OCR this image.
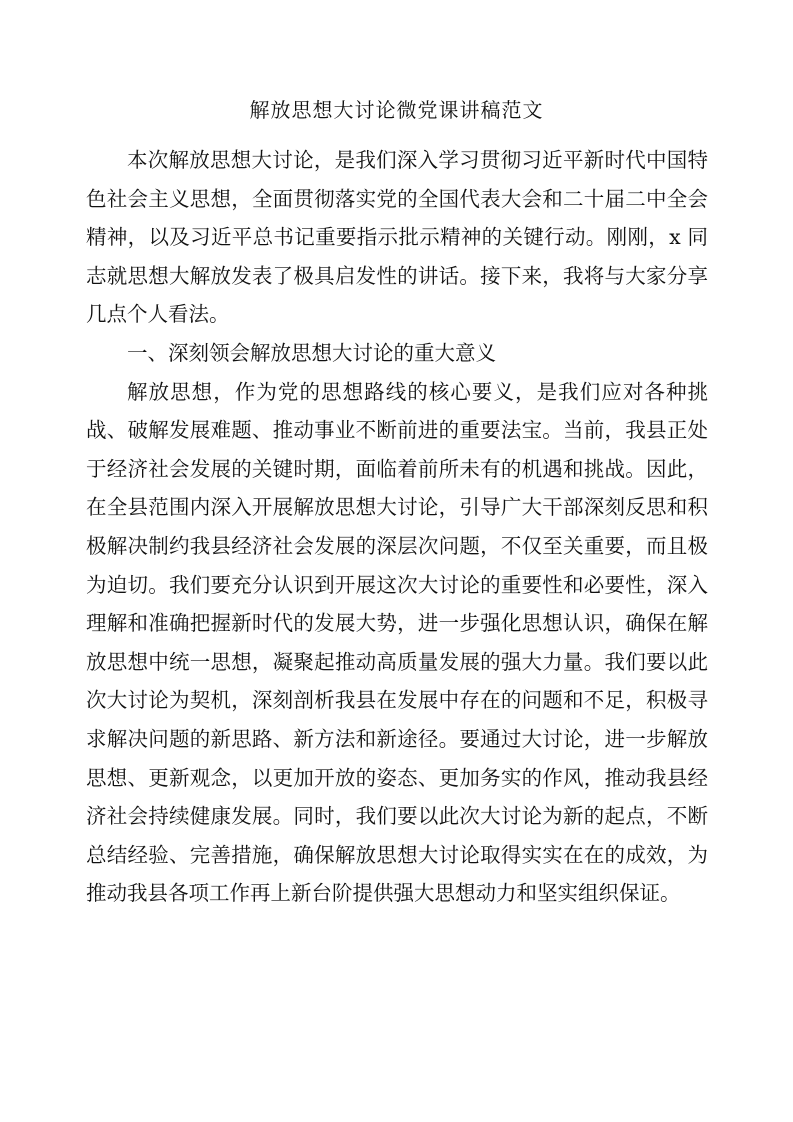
解放思想大讨论微党课讲稿范文

本次解放思想大讨论，是我们深入学习贯彻习近平新时代中国特色社会主义思想，全面贯彻落实党的全国代表大会和二十届二中全会精神，以及习近平总书记重要指示批示精神的关键行动。刚刚，x 同志就思想大解放发表了极具启发性的讲话。接下来，我将与大家分享几点个人看法。

一、深刻领会解放思想大讨论的重大意义

解放思想，作为党的思想路线的核心要义，是我们应对各种挑战、破解发展难题、推动事业不断前进的重要法宝。当前，我县正处于经济社会发展的关键时期，面临着前所未有的机遇和挑战。因此，在全县范围内深入开展解放思想大讨论，引导广大干部深刻反思和积极解决制约我县经济社会发展的深层次问题，不仅至关重要，而且极为迫切。我们要充分认识到开展这次大讨论的重要性和必要性，深入理解和准确把握新时代的发展大势，进一步强化思想认识，确保在解放思想中统一思想，凝聚起推动高质量发展的强大力量。我们要以此次大讨论为契机，深刻剖析我县在发展中存在的问题和不足，积极寻求解决问题的新思路、新方法和新途径。要通过大讨论，进一步解放思想、更新观念，以更加开放的姿态、更加务实的作风，推动我县经济社会持续健康发展。同时，我们要以此次大讨论为新的起点，不断总结经验、完善措施，确保解放思想大讨论取得实实在在的成效，为推动我县各项工作再上新台阶提供强大思想动力和坚实组织保证。
